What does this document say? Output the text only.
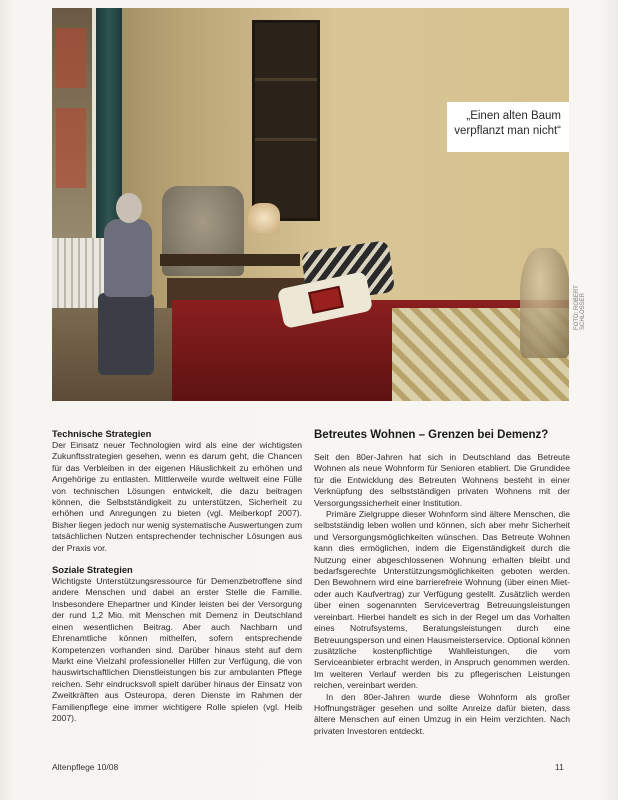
„Einen alten Baum
verpflanzt man nicht“
FOTO: ROBERT SCHLOSSER
Technische Strategien

Der Einsatz neuer Technologien wird als eine der wichtigsten Zukunftsstrategien gesehen, wenn es darum geht, die Chancen für das Verbleiben in der eigenen Häuslichkeit zu erhöhen und Angehörige zu entlasten. Mittlerweile wurde weltweit eine Fülle von technischen Lösungen entwickelt, die dazu beitragen können, die Selbstständigkeit zu unterstützen, Sicherheit zu erhöhen und Anregungen zu bieten (vgl. Meiberkopf 2007). Bisher liegen jedoch nur wenig systematische Auswertungen zum tatsächlichen Nutzen entsprechender technischer Lösungen aus der Praxis vor.

Soziale Strategien

Wichtigste Unterstützungsressource für Demenzbetroffene sind andere Menschen und dabei an erster Stelle die Familie. Insbesondere Ehepartner und Kinder leisten bei der Versorgung der rund 1,2 Mio. mit Menschen mit Demenz in Deutschland einen wesentlichen Beitrag. Aber auch Nachbarn und Ehrenamtliche können mithelfen, sofern entsprechende Kompetenzen vorhanden sind. Darüber hinaus steht auf dem Markt eine Vielzahl professioneller Hilfen zur Verfügung, die von hauswirtschaftlichen Dienstleistungen bis zur ambulanten Pflege reichen. Sehr eindrucksvoll spielt darüber hinaus der Einsatz von Zweitkräften aus Osteuropa, deren Dienste im Rahmen der Familienpflege eine immer wichtigere Rolle spielen (vgl. Heib 2007).

Betreutes Wohnen – Grenzen bei Demenz?

Seit den 80er-Jahren hat sich in Deutschland das Betreute Wohnen als neue Wohnform für Senioren etabliert. Die Grundidee für die Entwicklung des Betreuten Wohnens besteht in einer Verknüpfung des selbstständigen privaten Wohnens mit der Versorgungssicherheit einer Institution.

Primäre Zielgruppe dieser Wohnform sind ältere Menschen, die selbstständig leben wollen und können, sich aber mehr Sicherheit und Versorgungsmöglichkeiten wünschen. Das Betreute Wohnen kann dies ermöglichen, indem die Eigenständigkeit durch die Nutzung einer abgeschlossenen Wohnung erhalten bleibt und bedarfsgerechte Unterstützungsmöglichkeiten geboten werden. Den Bewohnern wird eine barrierefreie Wohnung (über einen Miet- oder auch Kaufvertrag) zur Verfügung gestellt. Zusätzlich werden über einen sogenannten Servicevertrag Betreuungsleistungen vereinbart. Hierbei handelt es sich in der Regel um das Vorhalten eines Notrufsystems, Beratungsleistungen durch eine Betreuungsperson und einen Hausmeisterservice. Optional können zusätzliche kostenpflichtige Wahlleistungen, die vom Serviceanbieter erbracht werden, in Anspruch genommen werden. Im weiteren Verlauf werden bis zu pflegerischen Leistungen reichen, vereinbart werden.

In den 80er-Jahren wurde diese Wohnform als großer Hoffnungsträger gesehen und sollte Anreize dafür bieten, dass ältere Menschen auf einen Umzug in ein Heim verzichten. Nach privaten Investoren entdeckt.

Altenpflege 10/08	11
